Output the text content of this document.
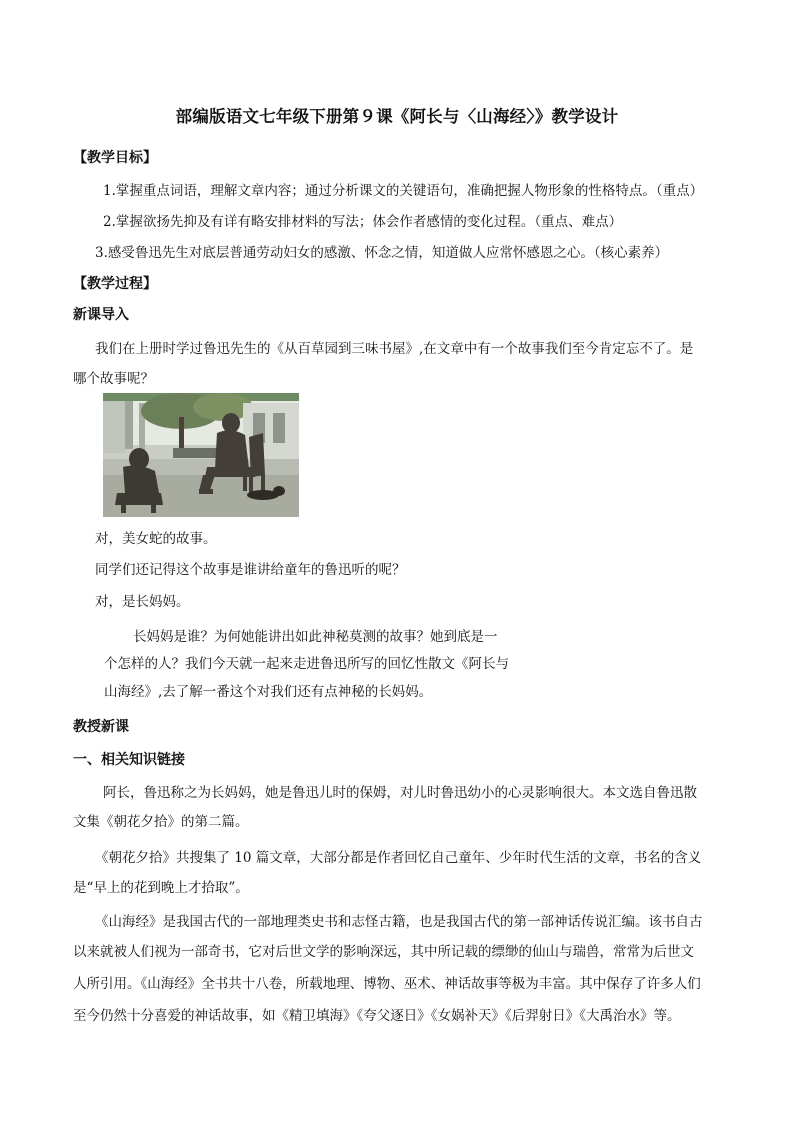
部编版语文七年级下册第９课《阿长与〈山海经〉》教学设计
【教学目标】
1.掌握重点词语，理解文章内容；通过分析课文的关键语句，准确把握人物形象的性格特点。（重点）
2.掌握欲扬先抑及有详有略安排材料的写法；体会作者感情的变化过程。（重点、难点）
3.感受鲁迅先生对底层普通劳动妇女的感激、怀念之情，知道做人应常怀感恩之心。（核心素养）
【教学过程】
新课导入
我们在上册时学过鲁迅先生的《从百草园到三味书屋》,在文章中有一个故事我们至今肯定忘不了。是
哪个故事呢？
对，美女蛇的故事。
同学们还记得这个故事是谁讲给童年的鲁迅听的呢？
对，是长妈妈。
长妈妈是谁？为何她能讲出如此神秘莫测的故事？她到底是一
个怎样的人？我们今天就一起来走进鲁迅所写的回忆性散文《阿长与
山海经》,去了解一番这个对我们还有点神秘的长妈妈。
教授新课
一、相关知识链接
阿长，鲁迅称之为长妈妈，她是鲁迅儿时的保姆，对儿时鲁迅幼小的心灵影响很大。本文选自鲁迅散
文集《朝花夕拾》的第二篇。
《朝花夕拾》共搜集了 10 篇文章，大部分都是作者回忆自己童年、少年时代生活的文章，书名的含义
是“早上的花到晚上才拾取”。
《山海经》是我国古代的一部地理类史书和志怪古籍，也是我国古代的第一部神话传说汇编。该书自古
以来就被人们视为一部奇书，它对后世文学的影响深远，其中所记载的缥缈的仙山与瑞兽，常常为后世文
人所引用。《山海经》全书共十八卷，所载地理、博物、巫术、神话故事等极为丰富。其中保存了许多人们
至今仍然十分喜爱的神话故事，如《精卫填海》《夸父逐日》《女娲补天》《后羿射日》《大禹治水》等。
